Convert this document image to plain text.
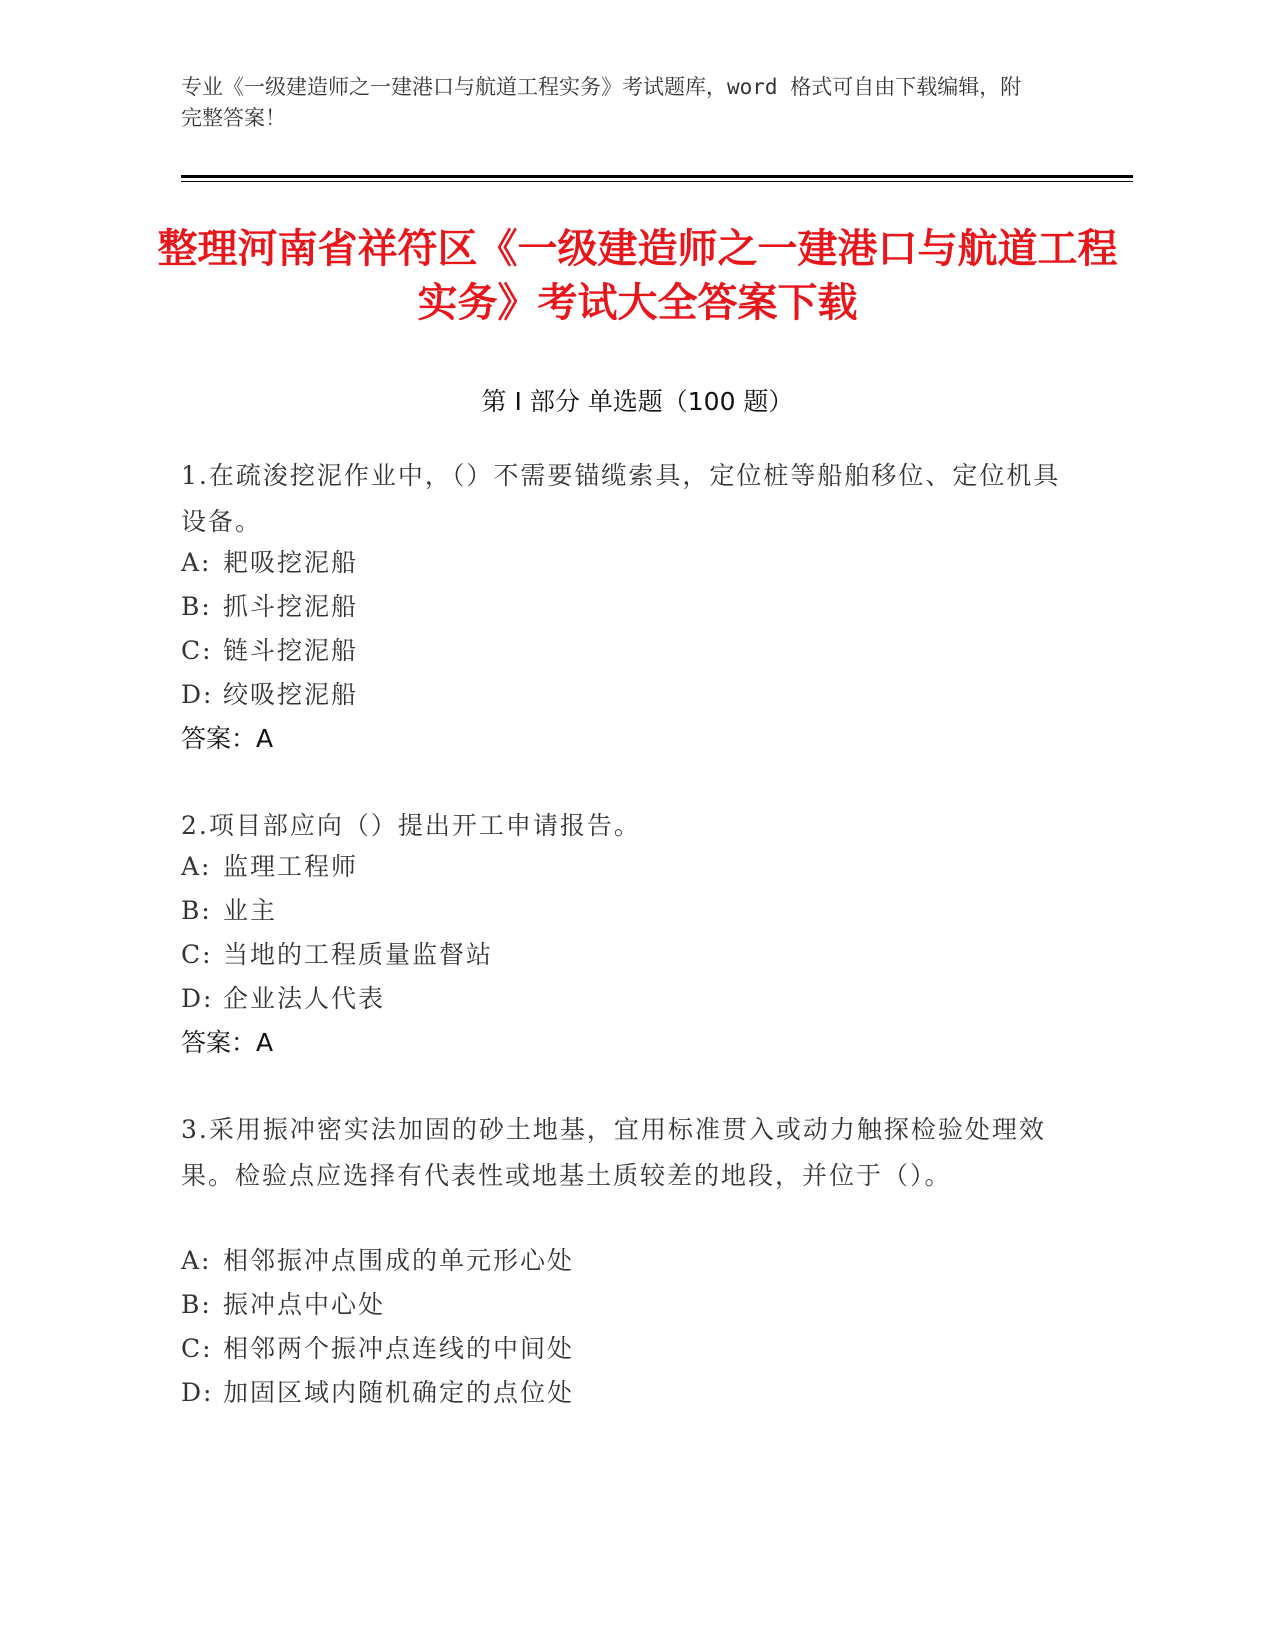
专业《一级建造师之一建港口与航道工程实务》考试题库，word 格式可自由下载编辑，附完整答案！
整理河南省祥符区《一级建造师之一建港口与航道工程实务》考试大全答案下载
第 I 部分 单选题（100 题）
1.在疏浚挖泥作业中，（）不需要锚缆索具，定位桩等船舶移位、定位机具设备。
A: 耙吸挖泥船
B: 抓斗挖泥船
C: 链斗挖泥船
D: 绞吸挖泥船
答案：A
2.项目部应向（）提出开工申请报告。
A: 监理工程师
B: 业主
C: 当地的工程质量监督站
D: 企业法人代表
答案：A
3.采用振冲密实法加固的砂土地基，宜用标准贯入或动力触探检验处理效果。检验点应选择有代表性或地基土质较差的地段，并位于（）。
A: 相邻振冲点围成的单元形心处
B: 振冲点中心处
C: 相邻两个振冲点连线的中间处
D: 加固区域内随机确定的点位处
